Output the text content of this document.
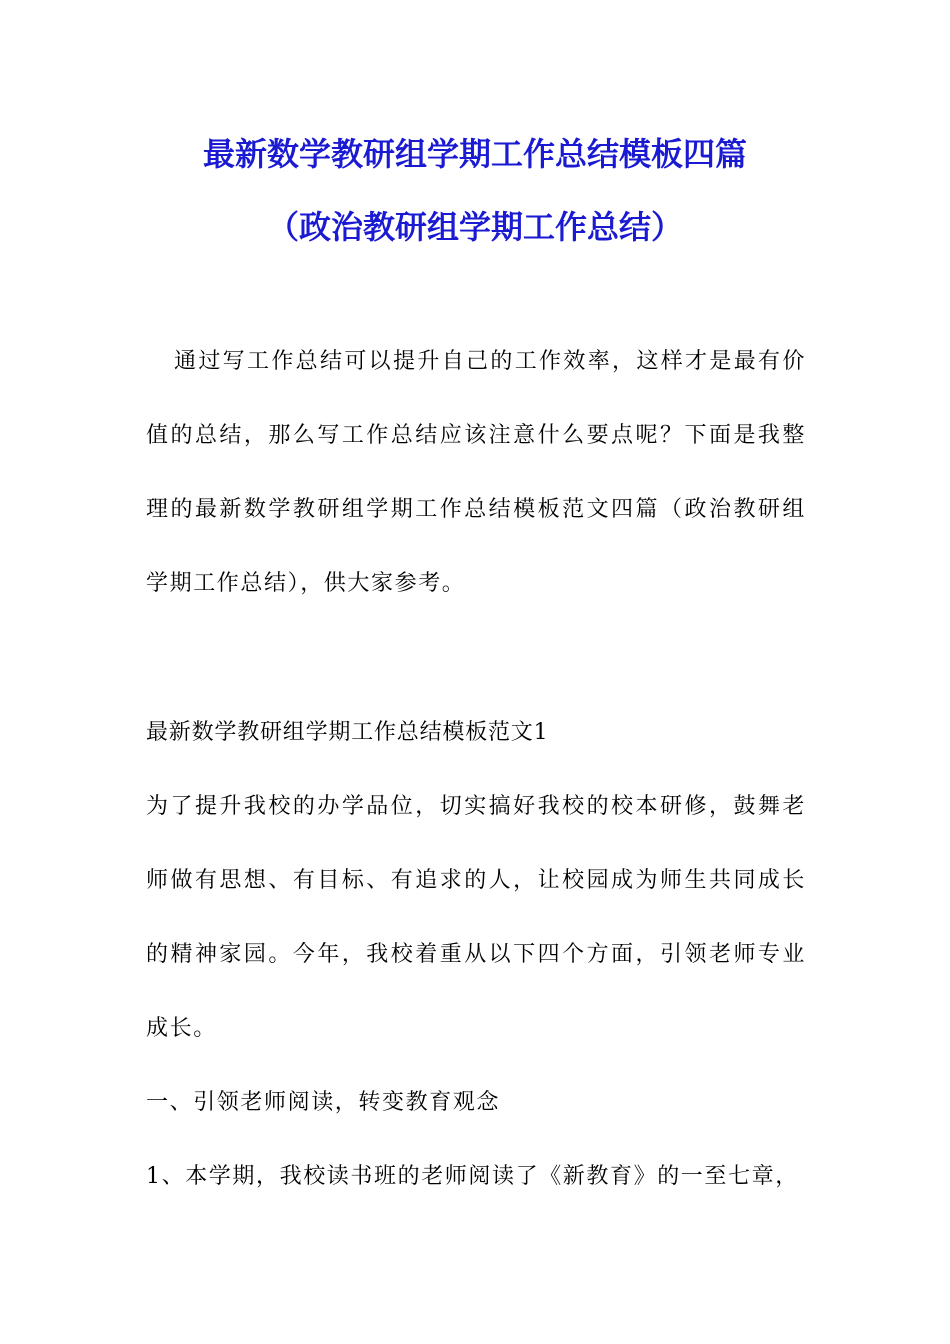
最新数学教研组学期工作总结模板四篇
（政治教研组学期工作总结）

通过写工作总结可以提升自己的工作效率，这样才是最有价值的总结，那么写工作总结应该注意什么要点呢？下面是我整理的最新数学教研组学期工作总结模板范文四篇（政治教研组学期工作总结），供大家参考。

最新数学教研组学期工作总结模板范文1

为了提升我校的办学品位，切实搞好我校的校本研修，鼓舞老师做有思想、有目标、有追求的人，让校园成为师生共同成长的精神家园。今年，我校着重从以下四个方面，引领老师专业成长。

一、引领老师阅读，转变教育观念

1、本学期，我校读书班的老师阅读了《新教育》的一至七章，
